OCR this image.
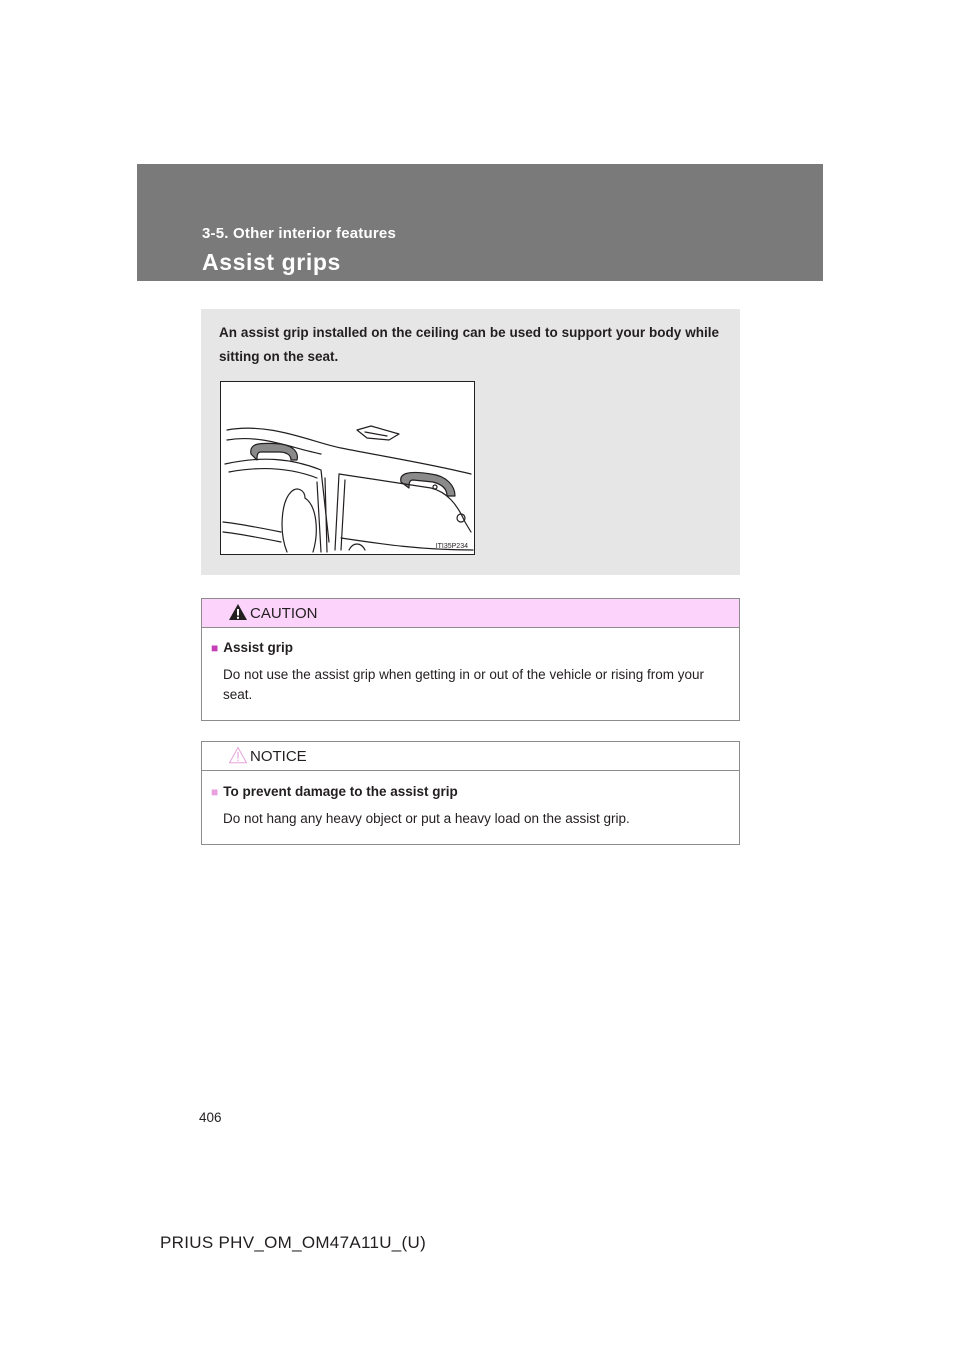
3-5. Other interior features
Assist grips
An assist grip installed on the ceiling can be used to support your body while sitting on the seat.
ITI35P234
CAUTION
■ Assist grip
Do not use the assist grip when getting in or out of the vehicle or rising from your seat.
NOTICE
■ To prevent damage to the assist grip
Do not hang any heavy object or put a heavy load on the assist grip.
406
PRIUS PHV_OM_OM47A11U_(U)
